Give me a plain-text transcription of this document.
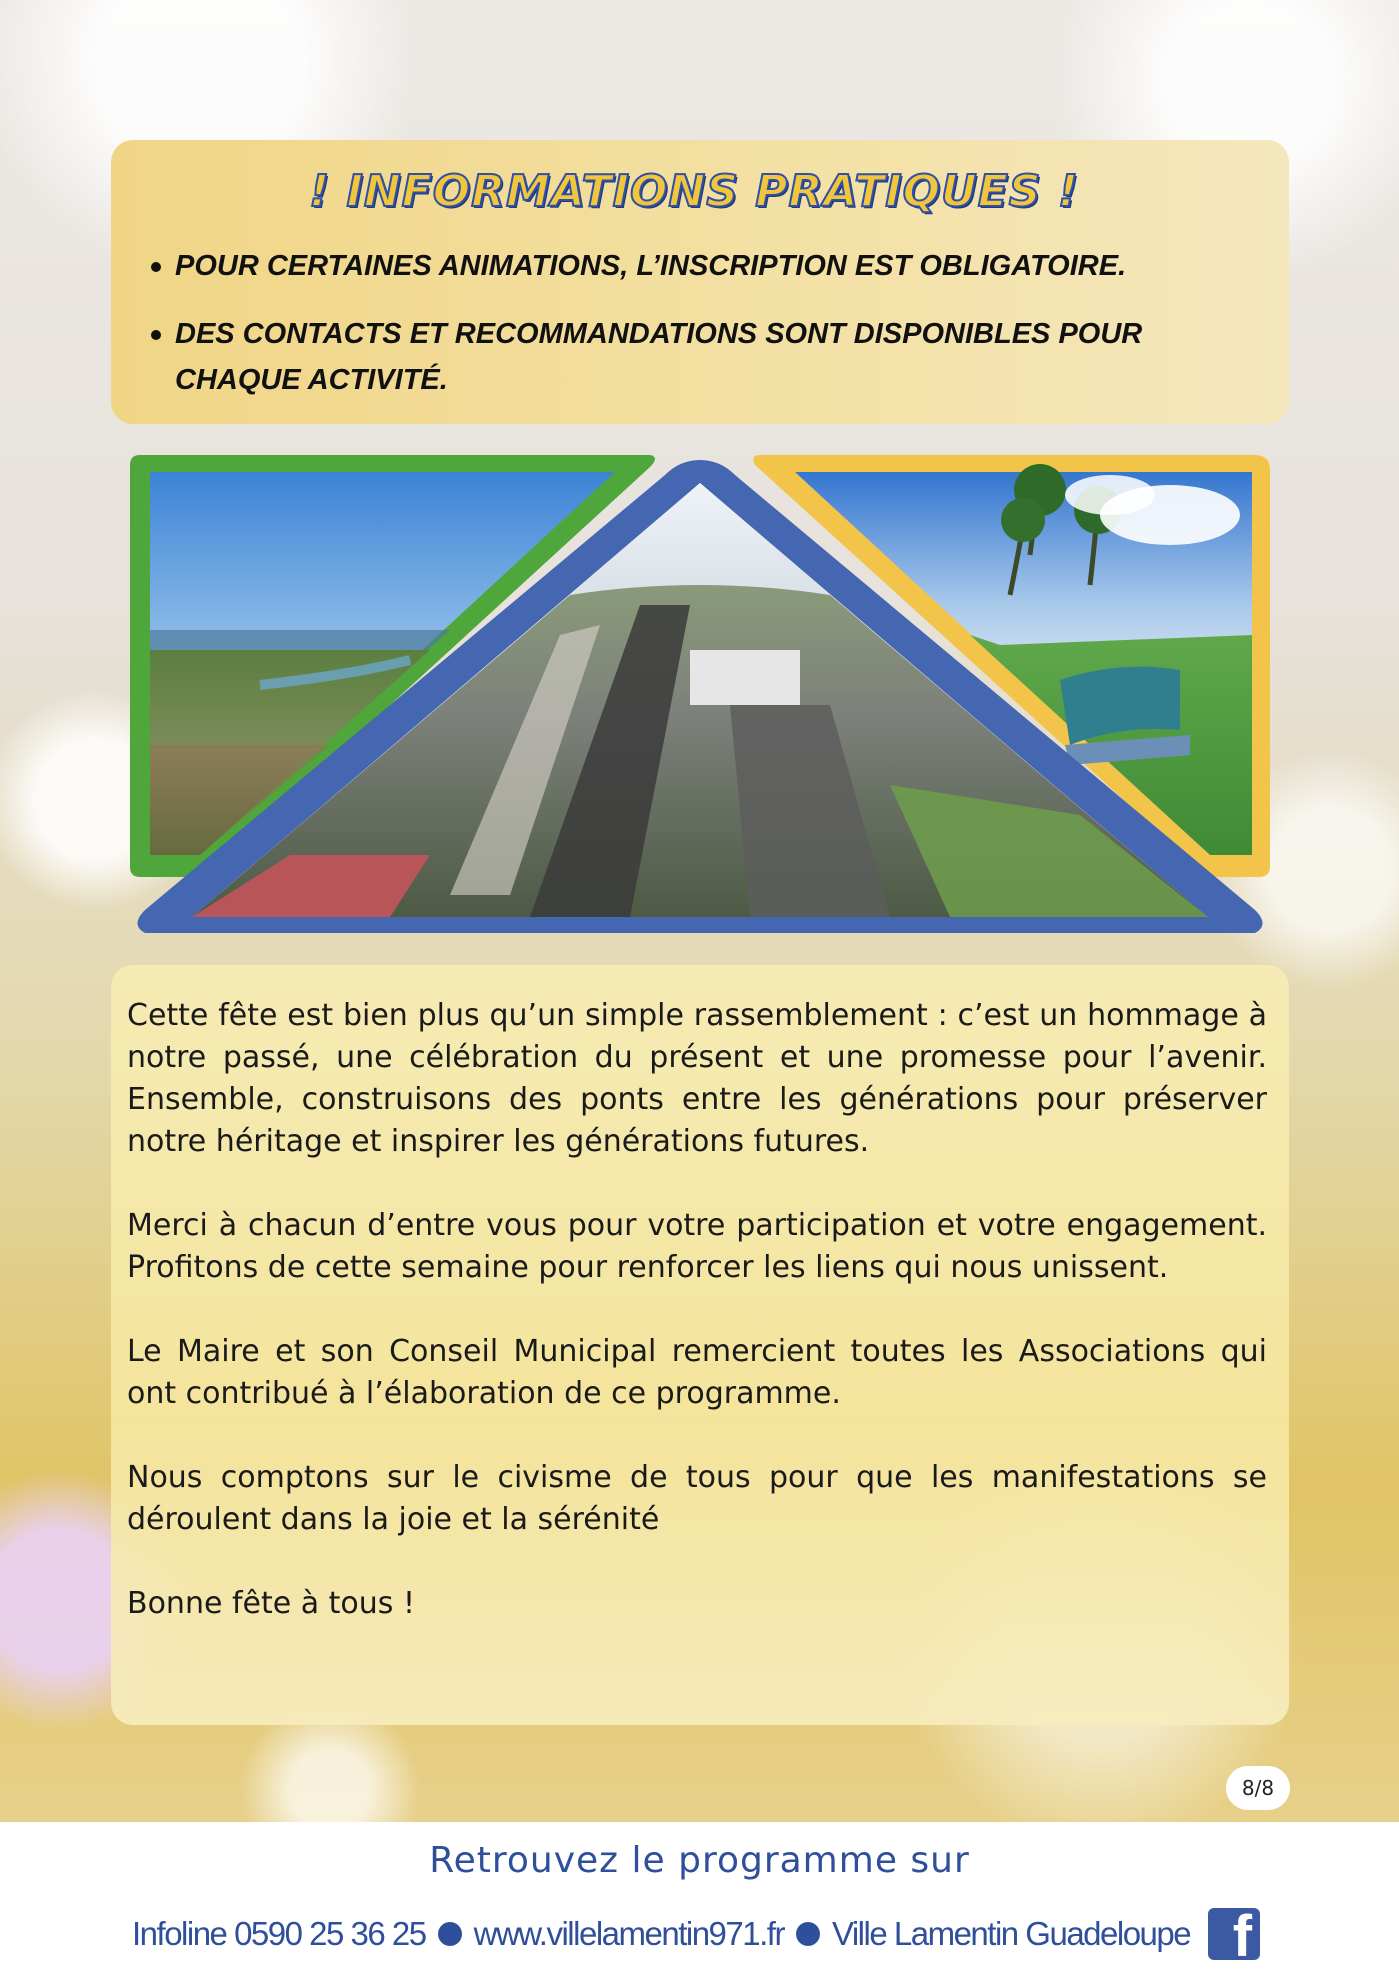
! INFORMATIONS PRATIQUES !
POUR CERTAINES ANIMATIONS, L’INSCRIPTION EST OBLIGATOIRE.
DES CONTACTS ET RECOMMANDATIONS SONT DISPONIBLES POUR CHAQUE ACTIVITÉ.

Cette fête est bien plus qu’un simple rassemblement : c’est un hommage à notre passé, une célébration du présent et une promesse pour l’avenir. Ensemble, construisons des ponts entre les générations pour préserver notre héritage et inspirer les générations futures.

Merci à chacun d’entre vous pour votre participation et votre engagement. Profitons de cette semaine pour renforcer les liens qui nous unissent.

Le Maire et son Conseil Municipal remercient toutes les Associations qui ont contribué à l’élaboration de ce programme.

Nous comptons sur le civisme de tous pour que les manifestations se déroulent dans la joie et la sérénité

Bonne fête à tous !

8/8
Retrouvez le programme sur
Infoline 0590 25 36 25 www.villelamentin971.fr Ville Lamentin Guadeloupe f
